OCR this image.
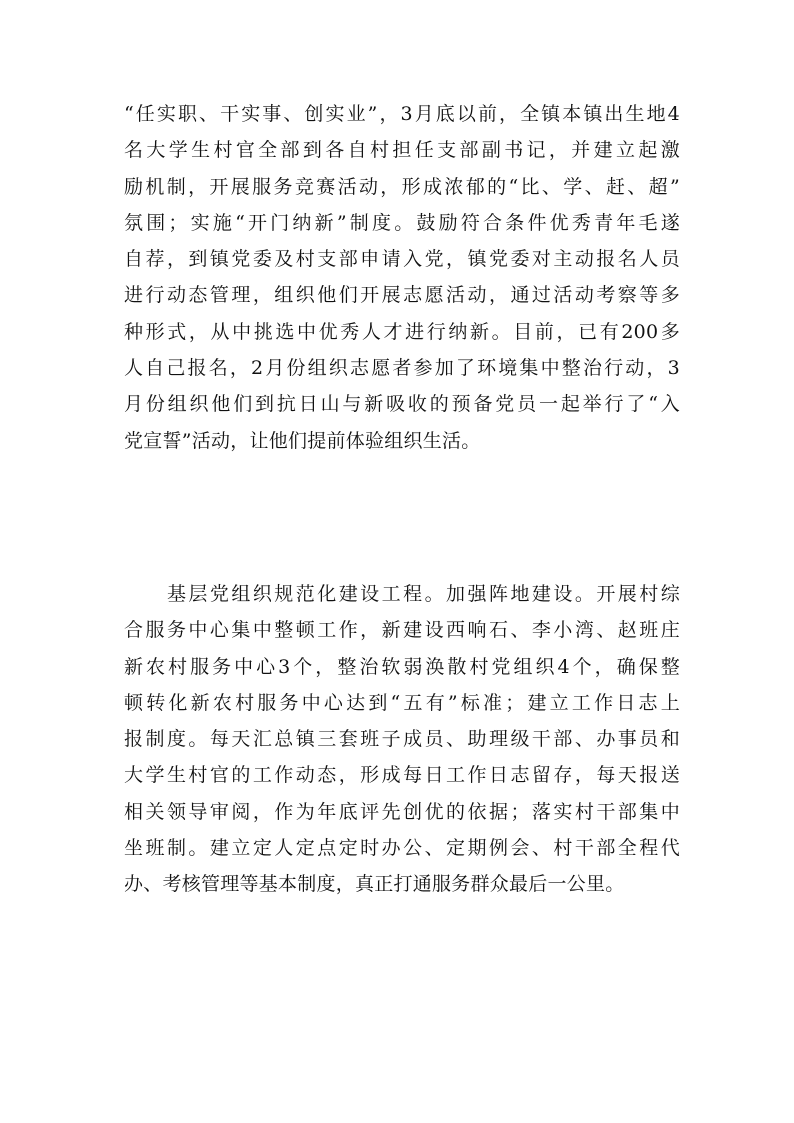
“任实职、干实事、创实业”，3月底以前，全镇本镇出生地4
名大学生村官全部到各自村担任支部副书记，并建立起激
励机制，开展服务竞赛活动，形成浓郁的“比、学、赶、超”
氛围；实施“开门纳新”制度。鼓励符合条件优秀青年毛遂
自荐，到镇党委及村支部申请入党，镇党委对主动报名人员
进行动态管理，组织他们开展志愿活动，通过活动考察等多
种形式，从中挑选中优秀人才进行纳新。目前，已有200多
人自己报名，2月份组织志愿者参加了环境集中整治行动，3
月份组织他们到抗日山与新吸收的预备党员一起举行了“入
党宣誓”活动，让他们提前体验组织生活。

　　基层党组织规范化建设工程。加强阵地建设。开展村综
合服务中心集中整顿工作，新建设西响石、李小湾、赵班庄
新农村服务中心3个，整治软弱涣散村党组织4个，确保整
顿转化新农村服务中心达到“五有”标准；建立工作日志上
报制度。每天汇总镇三套班子成员、助理级干部、办事员和
大学生村官的工作动态，形成每日工作日志留存，每天报送
相关领导审阅，作为年底评先创优的依据；落实村干部集中
坐班制。建立定人定点定时办公、定期例会、村干部全程代
办、考核管理等基本制度，真正打通服务群众最后一公里。
